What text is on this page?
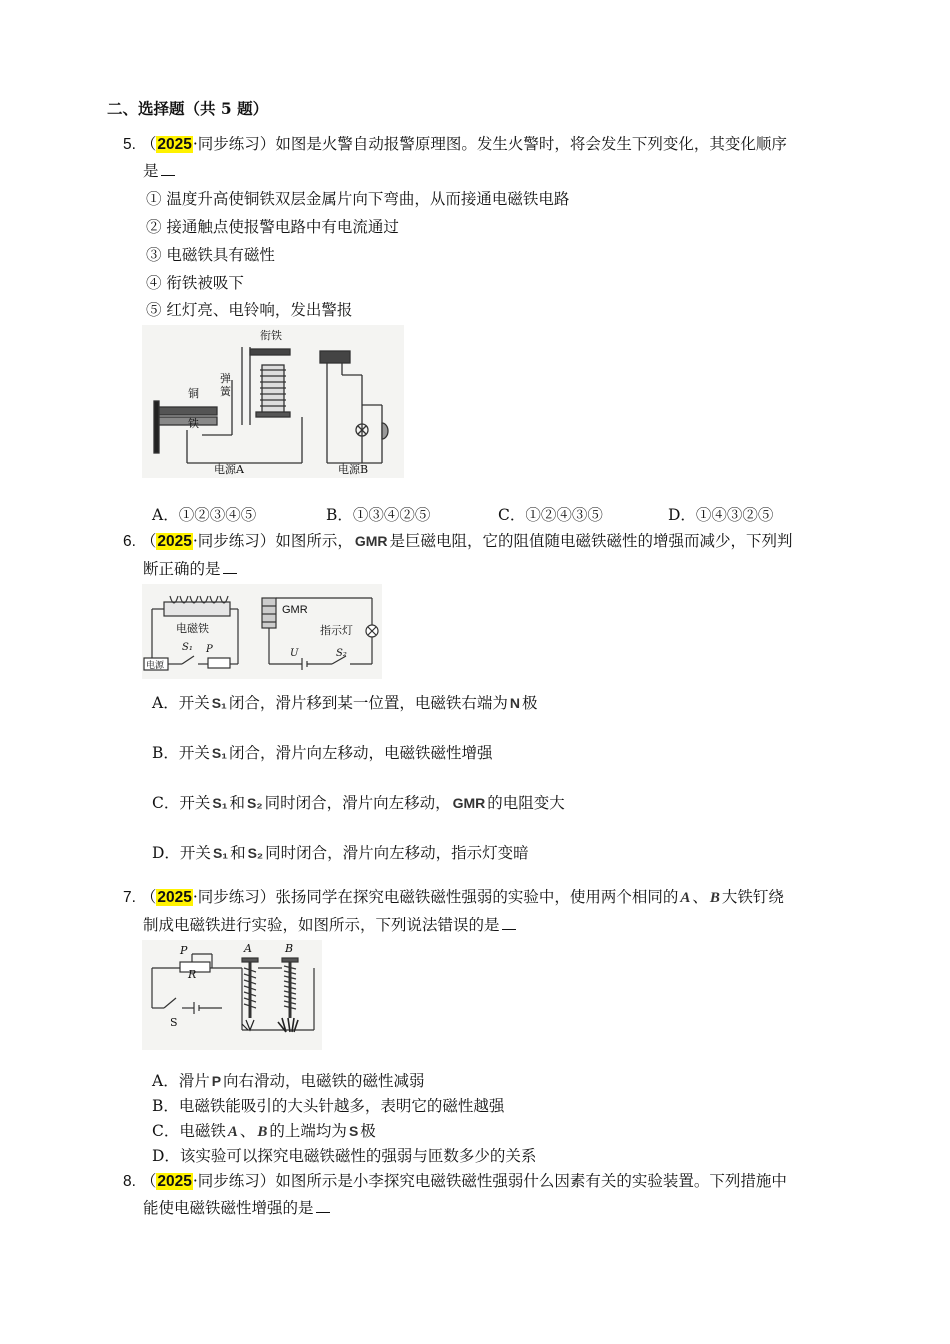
二、选择题（共 5 题）
5. （2025·同步练习）如图是火警自动报警原理图。发生火警时，将会发生下列变化，其变化顺序
是
① 温度升高使铜铁双层金属片向下弯曲，从而接通电磁铁电路
② 接通触点使报警电路中有电流通过
③ 电磁铁具有磁性
④ 衔铁被吸下
⑤ 红灯亮、电铃响，发出警报
衔铁
弹
簧
铜
铁
电源A	电源B
A．①②③④⑤	B．①③④②⑤	C．①②④③⑤	D．①④③②⑤
6. （2025·同步练习）如图所示， GMR 是巨磁电阻，它的阻值随电磁铁磁性的增强而减少，下列判
断正确的是
GMR
电磁铁	指示灯
电源
S₁ P	U	S₂
A．开关 S₁ 闭合，滑片移到某一位置，电磁铁右端为 N 极
B．开关 S₁ 闭合，滑片向左移动，电磁铁磁性增强
C．开关 S₁ 和 S₂ 同时闭合，滑片向左移动， GMR 的电阻变大
D．开关 S₁ 和 S₂ 同时闭合，滑片向左移动，指示灯变暗
7. （2025·同步练习）张扬同学在探究电磁铁磁性强弱的实验中，使用两个相同的 A 、 B 大铁钉绕
制成电磁铁进行实验，如图所示，下列说法错误的是
P
R
A	B
S
A．滑片 P 向右滑动，电磁铁的磁性减弱
B．电磁铁能吸引的大头针越多，表明它的磁性越强
C．电磁铁 A 、 B 的上端均为 S 极
D．该实验可以探究电磁铁磁性的强弱与匝数多少的关系
8. （2025·同步练习）如图所示是小李探究电磁铁磁性强弱什么因素有关的实验装置。下列措施中
能使电磁铁磁性增强的是
